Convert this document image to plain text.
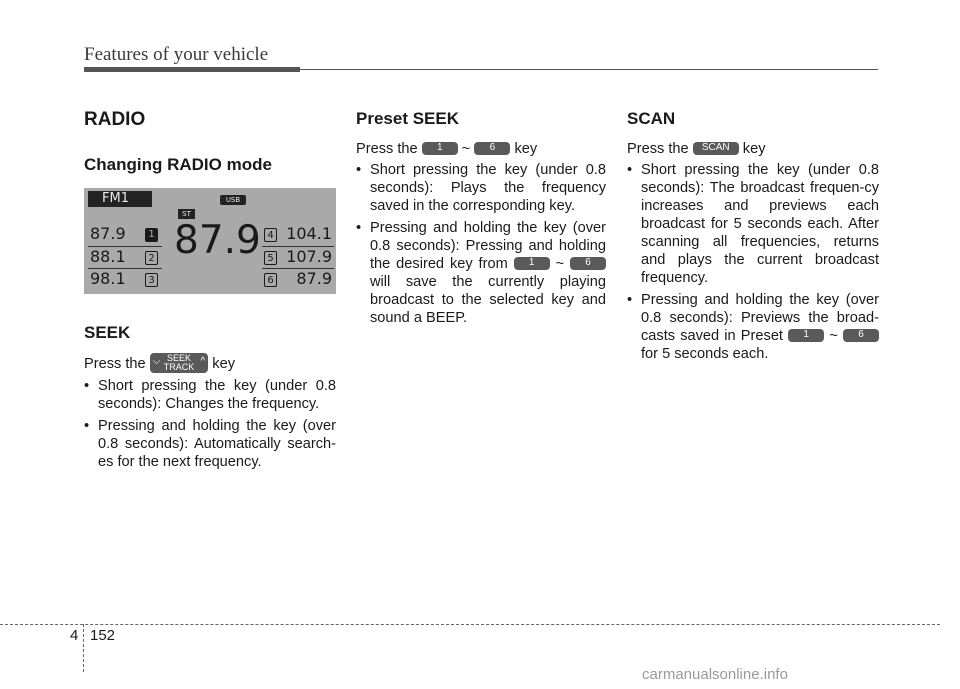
Features of your vehicle
RADIO
Changing RADIO mode
FM1	USB
ST
87.9
87.9	1
88.1	2
98.1	3
4 104.1
5 107.9
6 87.9
SEEK

Press the ⌵ SEEK
TRACK ^ key

• Short pressing the key (under 0.8 seconds): Changes the frequency.
• Pressing and holding the key (over 0.8 seconds): Automatically search-es for the next frequency.
Preset SEEK

Press the 1 ~ 6 key

• Short pressing the key (under 0.8 seconds): Plays the frequency saved in the corresponding key.
• Pressing and holding the key (over 0.8 seconds): Pressing and holding the desired key from 1 ~ 6 will save the currently playing broadcast to the selected key and sound a BEEP.
SCAN

Press the SCAN key

• Short pressing the key (under 0.8 seconds): The broadcast frequen-cy increases and previews each broadcast for 5 seconds each. After scanning all frequencies, returns and plays the current broadcast frequency.
• Pressing and holding the key (over 0.8 seconds): Previews the broad-casts saved in Preset 1 ~ 6 for 5 seconds each.
4 152
carmanualsonline.info
